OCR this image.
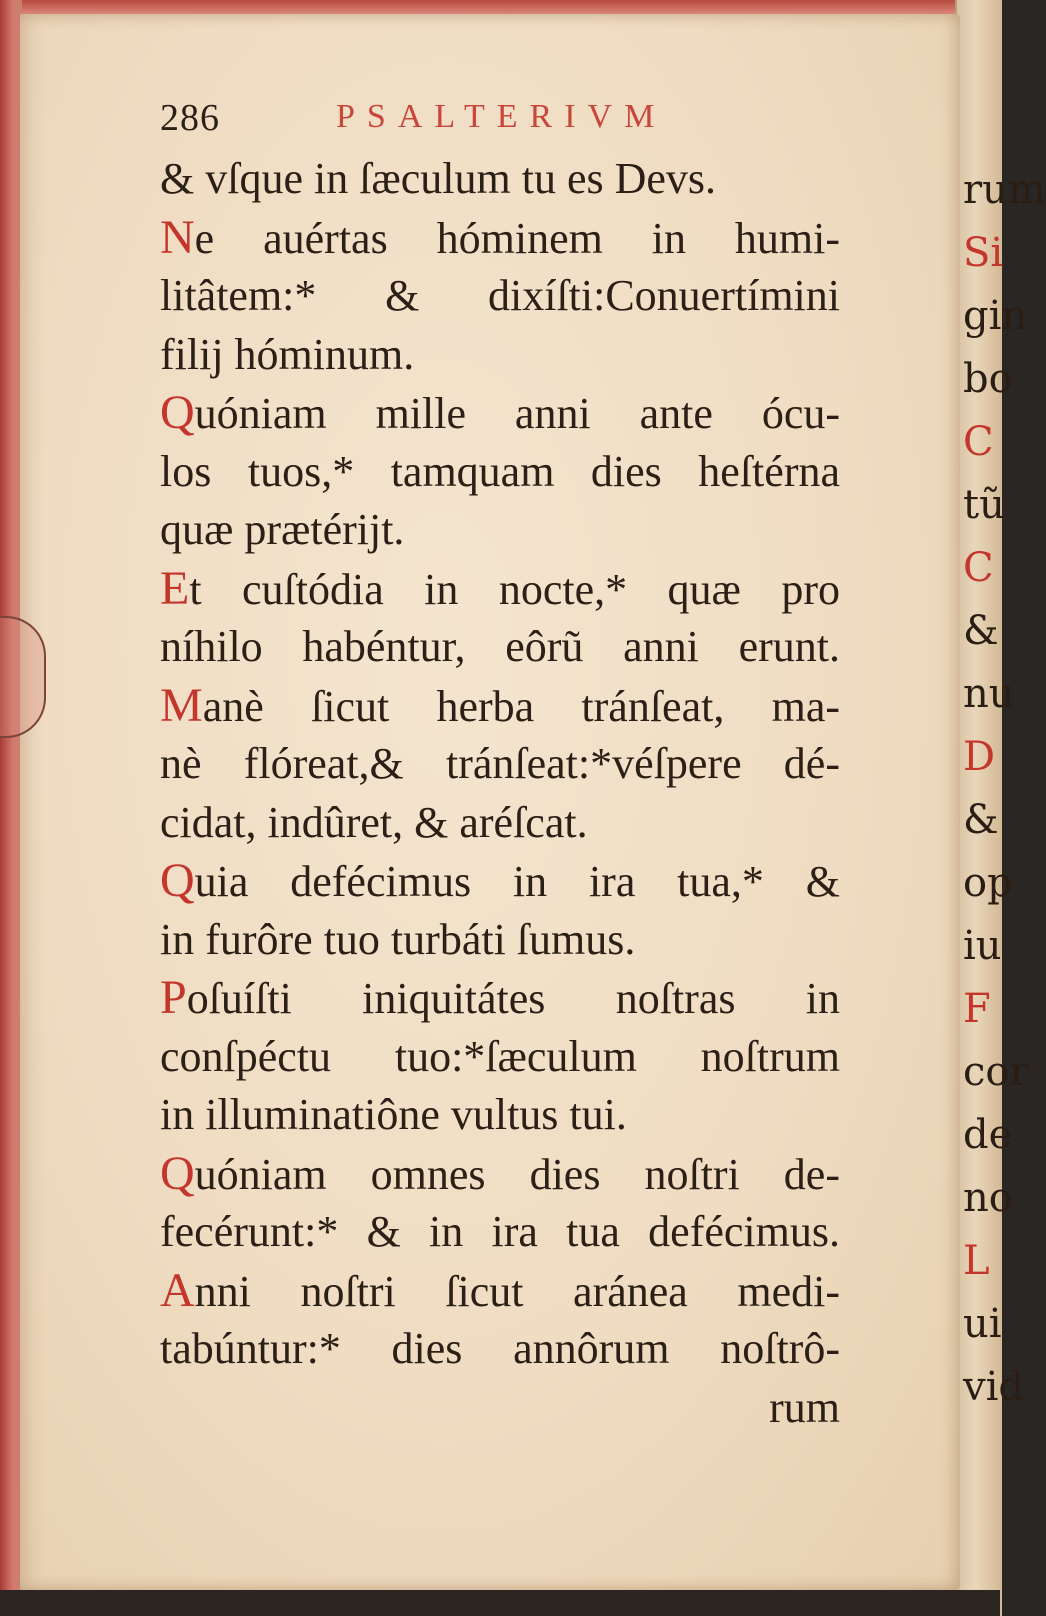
rum
Si
gin
bo
C
tũ
C
&
nu
D
&
op
iu
F
cor
de
no
L
ui
vid
286	PSALTERIVM
& vſque in ſæculum tu es Devs.
Ne auértas hóminem in humi-
litâtem:* & dixíſti:Conuertímini
filij hóminum.
Quóniam mille anni ante ócu-
los tuos,* tamquam dies heſtérna
quæ prætérijt.
Et cuſtódia in nocte,* quæ pro
níhilo habéntur, eôrũ anni erunt.
Manè ſicut herba tránſeat, ma-
nè flóreat,& tránſeat:*véſpere dé-
cidat, indûret, & aréſcat.
Quia defécimus in ira tua,* &
in furôre tuo turbáti ſumus.
Poſuíſti iniquitátes noſtras in
conſpéctu tuo:*ſæculum noſtrum
in illuminatiône vultus tui.
Quóniam omnes dies noſtri de-
fecérunt:* & in ira tua defécimus.
Anni noſtri ſicut aránea medi-
tabúntur:* dies annôrum noſtrô-
rum
